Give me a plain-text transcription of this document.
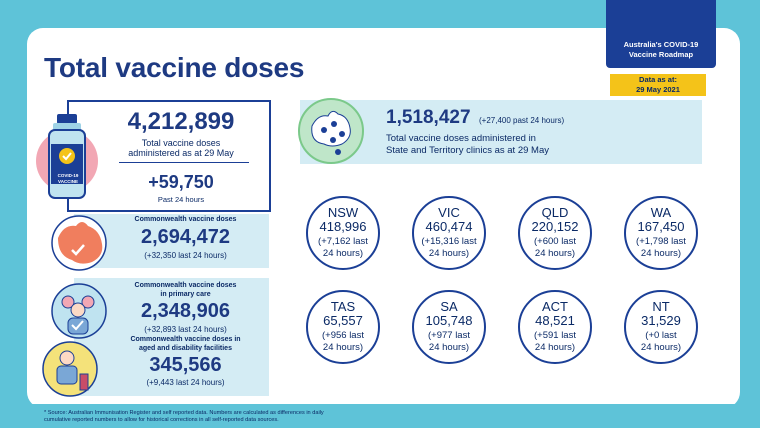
Total vaccine doses
Australia's COVID-19
Vaccine Roadmap
Data as at:
29 May 2021
4,212,899
Total vaccine doses
administered as at 29 May
+59,750
Past 24 hours
COVID-19
VACCINE
Commonwealth vaccine doses
2,694,472
(+32,350 last 24 hours)
Commonwealth vaccine doses
in primary care
2,348,906
(+32,893 last 24 hours)
Commonwealth vaccine doses in
aged and disability facilities
345,566
(+9,443 last 24 hours)
1,518,427 (+27,400 past 24 hours)
Total vaccine doses administered in
State and Territory clinics as at 29 May
NSW
418,996
(+7,162 last
24 hours)
VIC
460,474
(+15,316 last
24 hours)
QLD
220,152
(+600 last
24 hours)
WA
167,450
(+1,798 last
24 hours)
TAS
65,557
(+956 last
24 hours)
SA
105,748
(+977 last
24 hours)
ACT
48,521
(+591 last
24 hours)
NT
31,529
(+0 last
24 hours)
* Source: Australian Immunisation Register and self reported data. Numbers are calculated as differences in daily
cumulative reported numbers to allow for historical corrections in all self-reported data sources.
